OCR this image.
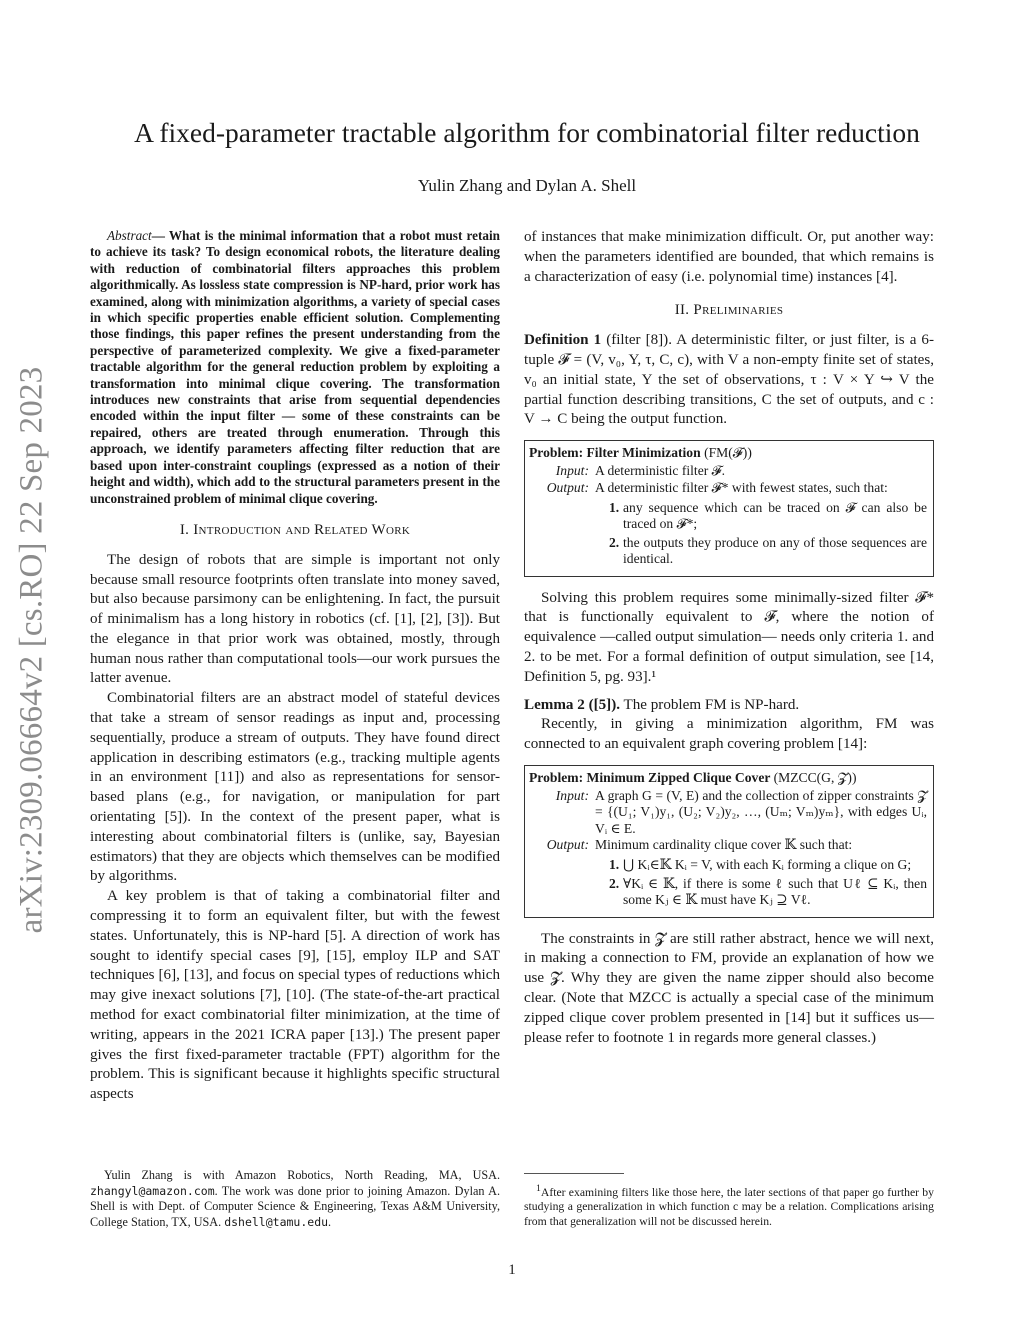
arXiv:2309.06664v2 [cs.RO] 22 Sep 2023
A fixed-parameter tractable algorithm for combinatorial filter reduction
Yulin Zhang and Dylan A. Shell

Abstract— What is the minimal information that a robot must retain to achieve its task? To design economical robots, the literature dealing with reduction of combinatorial filters approaches this problem algorithmically. As lossless state compression is NP-hard, prior work has examined, along with minimization algorithms, a variety of special cases in which specific properties enable efficient solution. Complementing those findings, this paper refines the present understanding from the perspective of parameterized complexity. We give a fixed-parameter tractable algorithm for the general reduction problem by exploiting a transformation into minimal clique covering. The transformation introduces new constraints that arise from sequential dependencies encoded within the input filter — some of these constraints can be repaired, others are treated through enumeration. Through this approach, we identify parameters affecting filter reduction that are based upon inter-constraint couplings (expressed as a notion of their height and width), which add to the structural parameters present in the unconstrained problem of minimal clique covering.

I. Introduction and Related Work

The design of robots that are simple is important not only because small resource footprints often translate into money saved, but also because parsimony can be enlightening. In fact, the pursuit of minimalism has a long history in robotics (cf. [1], [2], [3]). But the elegance in that prior work was obtained, mostly, through human nous rather than computational tools—our work pursues the latter avenue.

Combinatorial filters are an abstract model of stateful devices that take a stream of sensor readings as input and, processing sequentially, produce a stream of outputs. They have found direct application in describing estimators (e.g., tracking multiple agents in an environment [11]) and also as representations for sensor-based plans (e.g., for navigation, or manipulation for part orientating [5]). In the context of the present paper, what is interesting about combinatorial filters is (unlike, say, Bayesian estimators) that they are objects which themselves can be modified by algorithms.

A key problem is that of taking a combinatorial filter and compressing it to form an equivalent filter, but with the fewest states. Unfortunately, this is NP-hard [5]. A direction of work has sought to identify special cases [9], [15], employ ILP and SAT techniques [6], [13], and focus on special types of reductions which may give inexact solutions [7], [10]. (The state-of-the-art practical method for exact combinatorial filter minimization, at the time of writing, appears in the 2021 ICRA paper [13].) The present paper gives the first fixed-parameter tractable (FPT) algorithm for the problem. This is significant because it highlights specific structural aspects

of instances that make minimization difficult. Or, put another way: when the parameters identified are bounded, that which remains is a characterization of easy (i.e. polynomial time) instances [4].

II. Preliminaries

Definition 1 (filter [8]). A deterministic filter, or just filter, is a 6-tuple 𝓕 = (V, v₀, Y, τ, C, c), with V a non-empty finite set of states, v₀ an initial state, Y the set of observations, τ : V × Y ↪ V the partial function describing transitions, C the set of outputs, and c : V → C being the output function.

Problem: Filter Minimization (FM(𝓕))
Input: A deterministic filter 𝓕.
Output: A deterministic filter 𝓕* with fewest states, such that:
1. any sequence which can be traced on 𝓕 can also be traced on 𝓕*;
2. the outputs they produce on any of those sequences are identical.

Solving this problem requires some minimally-sized filter 𝓕* that is functionally equivalent to 𝓕, where the notion of equivalence —called output simulation— needs only criteria 1. and 2. to be met. For a formal definition of output simulation, see [14, Definition 5, pg. 93].¹

Lemma 2 ([5]). The problem FM is NP-hard.

Recently, in giving a minimization algorithm, FM was connected to an equivalent graph covering problem [14]:

Problem: Minimum Zipped Clique Cover (MZCC(G, 𝓩))
Input: A graph G = (V, E) and the collection of zipper constraints 𝓩 = {(U₁; V₁)y₁, (U₂; V₂)y₂, …, (Uₘ; Vₘ)yₘ}, with edges Uᵢ, Vᵢ ∈ E.
Output: Minimum cardinality clique cover 𝕂 such that:
1. ⋃ Kᵢ∈𝕂 Kᵢ = V, with each Kᵢ forming a clique on G;
2. ∀Kᵢ ∈ 𝕂, if there is some ℓ such that Uℓ ⊆ Kᵢ, then some Kⱼ ∈ 𝕂 must have Kⱼ ⊇ Vℓ.

The constraints in 𝓩 are still rather abstract, hence we will next, in making a connection to FM, provide an explanation of how we use 𝓩. Why they are given the name zipper should also become clear. (Note that MZCC is actually a special case of the minimum zipped clique cover problem presented in [14] but it suffices us—please refer to footnote 1 in regards more general classes.)

Yulin Zhang is with Amazon Robotics, North Reading, MA, USA. zhangyl@amazon.com. The work was done prior to joining Amazon. Dylan A. Shell is with Dept. of Computer Science & Engineering, Texas A&M University, College Station, TX, USA. dshell@tamu.edu.
$^1$After examining filters like those here, the later sections of that paper go further by studying a generalization in which function c may be a relation. Complications arising from that generalization will not be discussed herein.
1
